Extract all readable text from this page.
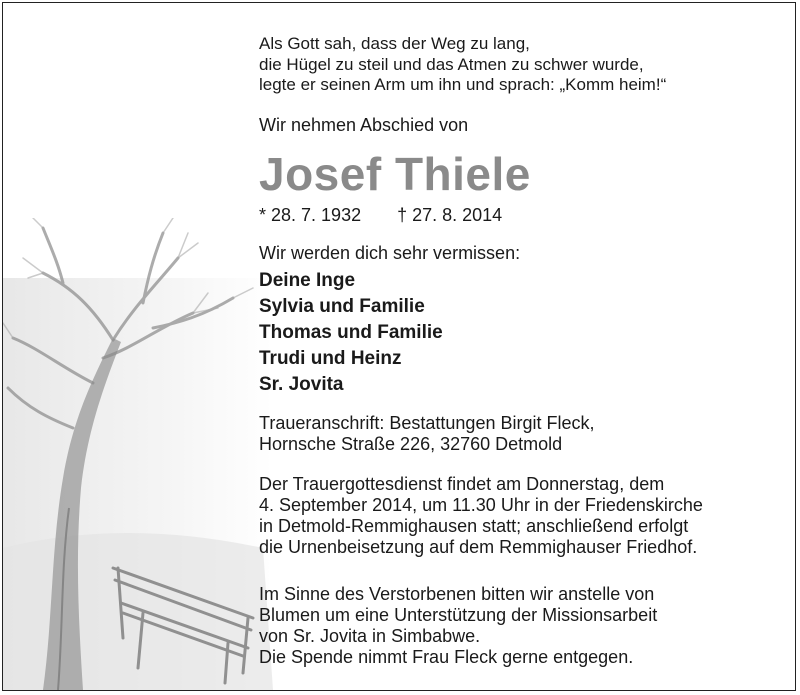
Als Gott sah, dass der Weg zu lang,
die Hügel zu steil und das Atmen zu schwer wurde,
legte er seinen Arm um ihn und sprach: „Komm heim!“
Wir nehmen Abschied von
Josef Thiele
* 28. 7. 1932 † 27. 8. 2014
Wir werden dich sehr vermissen:
Deine Inge
Sylvia und Familie
Thomas und Familie
Trudi und Heinz
Sr. Jovita
Traueranschrift: Bestattungen Birgit Fleck,
Hornsche Straße 226, 32760 Detmold
Der Trauergottesdienst findet am Donnerstag, dem
4. September 2014, um 11.30 Uhr in der Friedenskirche
in Detmold-Remmighausen statt; anschließend erfolgt
die Urnenbeisetzung auf dem Remmighauser Friedhof.
Im Sinne des Verstorbenen bitten wir anstelle von
Blumen um eine Unterstützung der Missionsarbeit
von Sr. Jovita in Simbabwe.
Die Spende nimmt Frau Fleck gerne entgegen.
